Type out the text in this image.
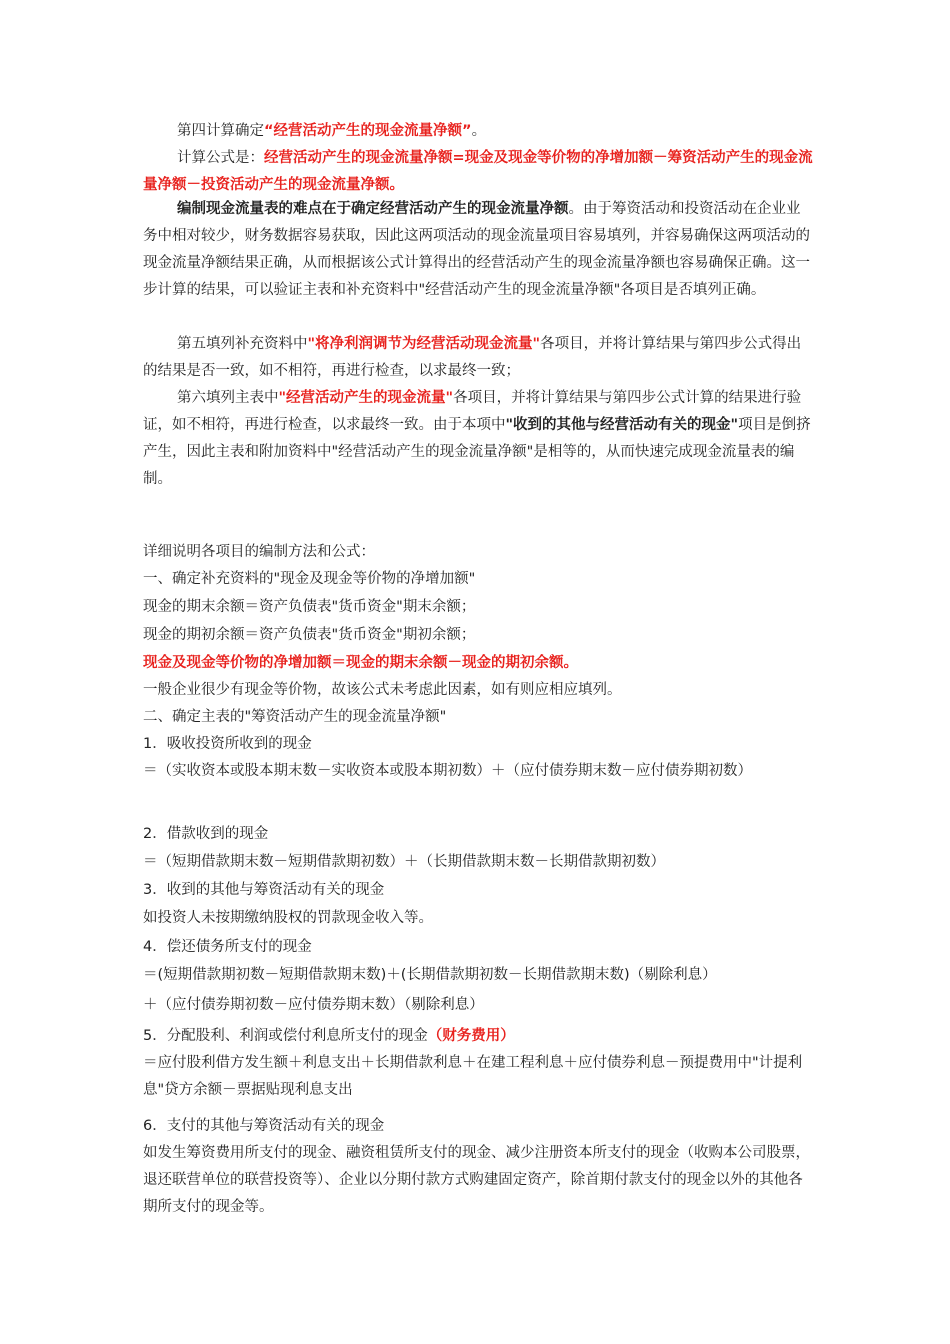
第四计算确定“经营活动产生的现金流量净额”。
计算公式是：经营活动产生的现金流量净额=现金及现金等价物的净增加额－筹资活动产生的现金流量净额－投资活动产生的现金流量净额。
编制现金流量表的难点在于确定经营活动产生的现金流量净额。由于筹资活动和投资活动在企业业务中相对较少，财务数据容易获取，因此这两项活动的现金流量项目容易填列，并容易确保这两项活动的现金流量净额结果正确，从而根据该公式计算得出的经营活动产生的现金流量净额也容易确保正确。这一步计算的结果，可以验证主表和补充资料中"经营活动产生的现金流量净额"各项目是否填列正确。
第五填列补充资料中"将净利润调节为经营活动现金流量"各项目，并将计算结果与第四步公式得出的结果是否一致，如不相符，再进行检查，以求最终一致；
第六填列主表中"经营活动产生的现金流量"各项目，并将计算结果与第四步公式计算的结果进行验证，如不相符，再进行检查，以求最终一致。由于本项中"收到的其他与经营活动有关的现金"项目是倒挤产生，因此主表和附加资料中"经营活动产生的现金流量净额"是相等的，从而快速完成现金流量表的编制。
详细说明各项目的编制方法和公式：
一、确定补充资料的"现金及现金等价物的净增加额"
现金的期末余额＝资产负债表"货币资金"期末余额；
现金的期初余额＝资产负债表"货币资金"期初余额；
现金及现金等价物的净增加额＝现金的期末余额－现金的期初余额。
一般企业很少有现金等价物，故该公式未考虑此因素，如有则应相应填列。
二、确定主表的"筹资活动产生的现金流量净额"
1．吸收投资所收到的现金
＝（实收资本或股本期末数－实收资本或股本期初数）＋（应付债券期末数－应付债券期初数）
2．借款收到的现金
＝（短期借款期末数－短期借款期初数）＋（长期借款期末数－长期借款期初数）
3．收到的其他与筹资活动有关的现金
如投资人未按期缴纳股权的罚款现金收入等。
4．偿还债务所支付的现金
＝(短期借款期初数－短期借款期末数)＋(长期借款期初数－长期借款期末数)（剔除利息）
＋（应付债券期初数－应付债券期末数）（剔除利息）
5．分配股利、利润或偿付利息所支付的现金（财务费用）
＝应付股利借方发生额＋利息支出＋长期借款利息＋在建工程利息＋应付债券利息－预提费用中"计提利息"贷方余额－票据贴现利息支出
6．支付的其他与筹资活动有关的现金
如发生筹资费用所支付的现金、融资租赁所支付的现金、减少注册资本所支付的现金（收购本公司股票，退还联营单位的联营投资等）、企业以分期付款方式购建固定资产，除首期付款支付的现金以外的其他各期所支付的现金等。
